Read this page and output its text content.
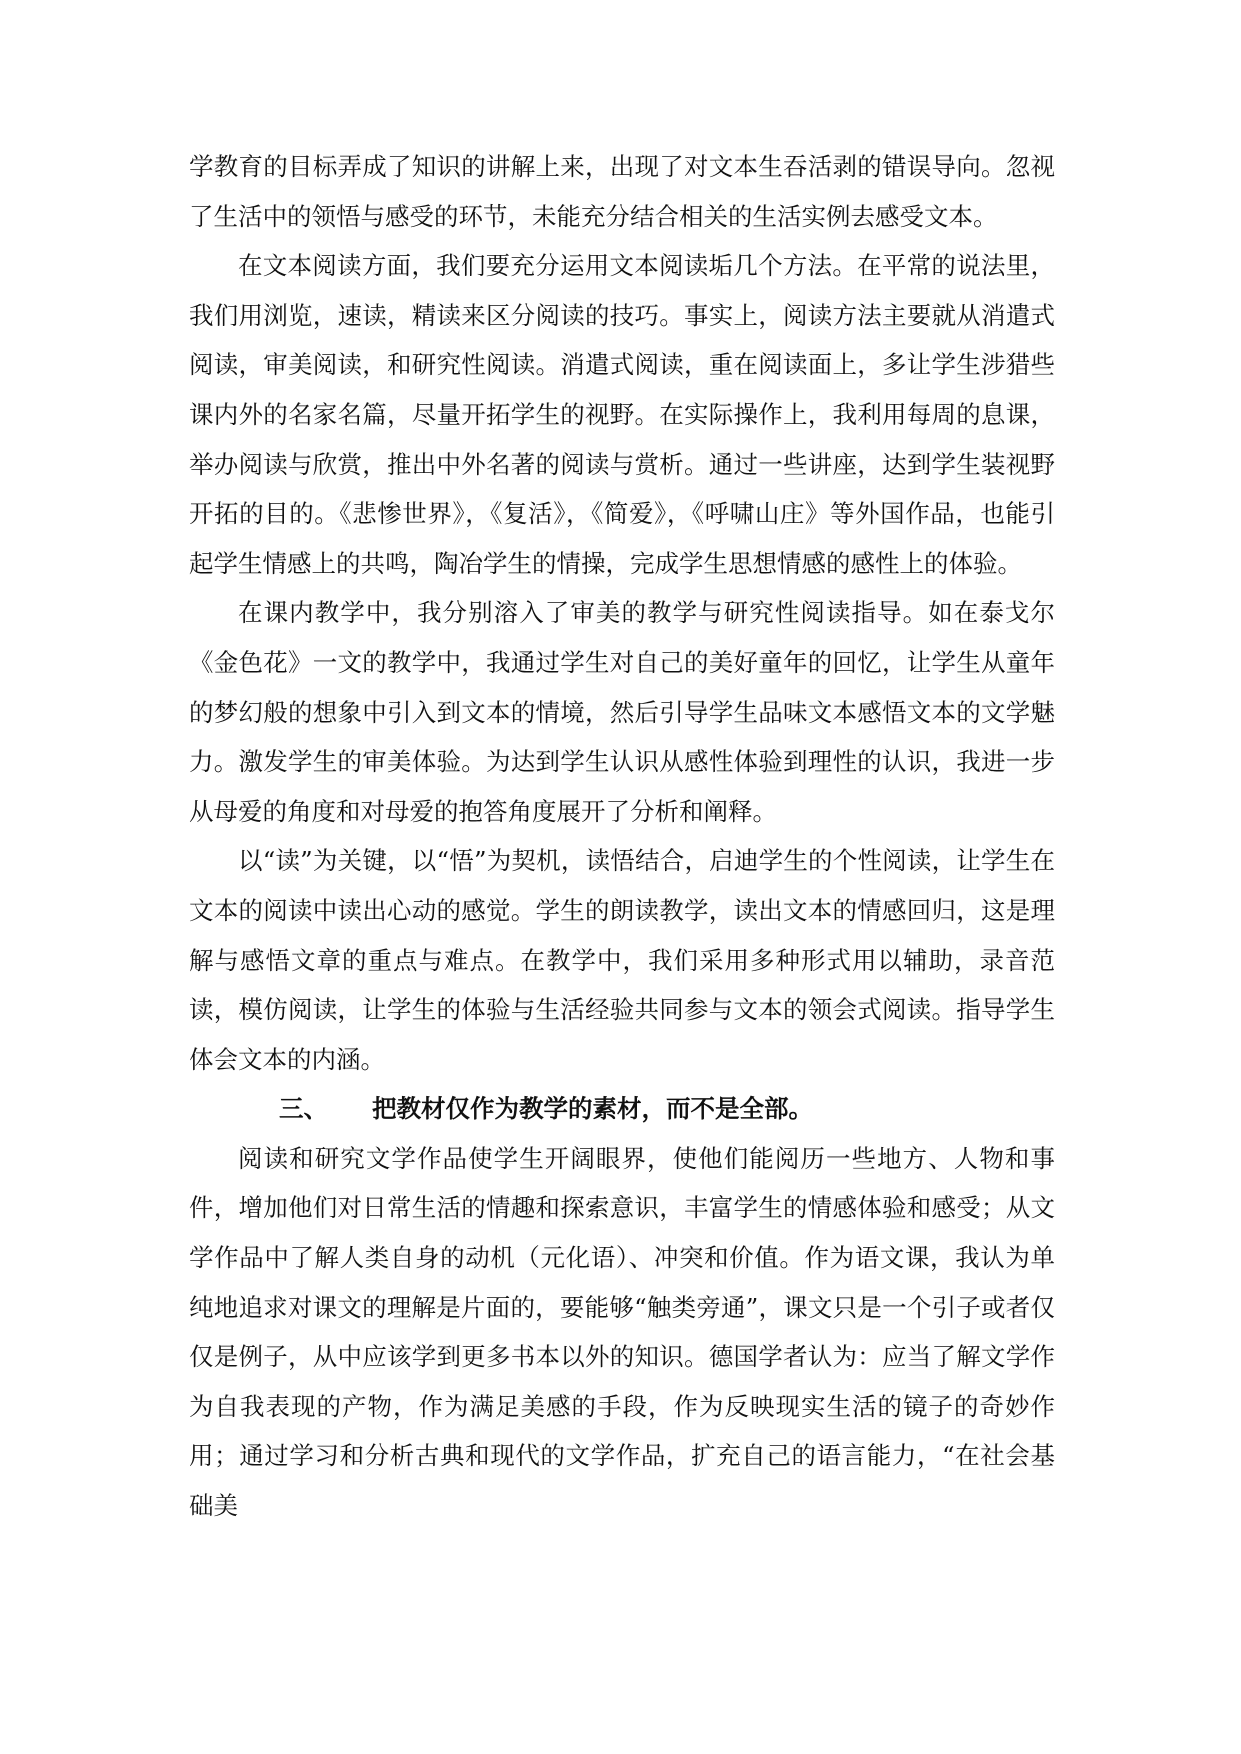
学教育的目标弄成了知识的讲解上来，出现了对文本生吞活剥的错误导向。忽视了生活中的领悟与感受的环节，未能充分结合相关的生活实例去感受文本。

在文本阅读方面，我们要充分运用文本阅读垢几个方法。在平常的说法里，我们用浏览，速读，精读来区分阅读的技巧。事实上，阅读方法主要就从消遣式阅读，审美阅读，和研究性阅读。消遣式阅读，重在阅读面上，多让学生涉猎些课内外的名家名篇，尽量开拓学生的视野。在实际操作上，我利用每周的息课，举办阅读与欣赏，推出中外名著的阅读与赏析。通过一些讲座，达到学生装视野开拓的目的。《悲惨世界》，《复活》，《简爱》，《呼啸山庄》等外国作品，也能引起学生情感上的共鸣，陶冶学生的情操，完成学生思想情感的感性上的体验。

在课内教学中，我分别溶入了审美的教学与研究性阅读指导。如在泰戈尔《金色花》一文的教学中，我通过学生对自己的美好童年的回忆，让学生从童年的梦幻般的想象中引入到文本的情境，然后引导学生品味文本感悟文本的文学魅力。激发学生的审美体验。为达到学生认识从感性体验到理性的认识，我进一步从母爱的角度和对母爱的抱答角度展开了分析和阐释。

以“读”为关键，以“悟”为契机，读悟结合，启迪学生的个性阅读，让学生在文本的阅读中读出心动的感觉。学生的朗读教学，读出文本的情感回归，这是理解与感悟文章的重点与难点。在教学中，我们采用多种形式用以辅助，录音范读，模仿阅读，让学生的体验与生活经验共同参与文本的领会式阅读。指导学生体会文本的内涵。

三、 把教材仅作为教学的素材，而不是全部。

阅读和研究文学作品使学生开阔眼界，使他们能阅历一些地方、人物和事件，增加他们对日常生活的情趣和探索意识，丰富学生的情感体验和感受；从文学作品中了解人类自身的动机（元化语）、冲突和价值。作为语文课，我认为单纯地追求对课文的理解是片面的，要能够“触类旁通”，课文只是一个引子或者仅仅是例子，从中应该学到更多书本以外的知识。德国学者认为：应当了解文学作为自我表现的产物，作为满足美感的手段，作为反映现实生活的镜子的奇妙作用；通过学习和分析古典和现代的文学作品，扩充自己的语言能力，“在社会基础美
